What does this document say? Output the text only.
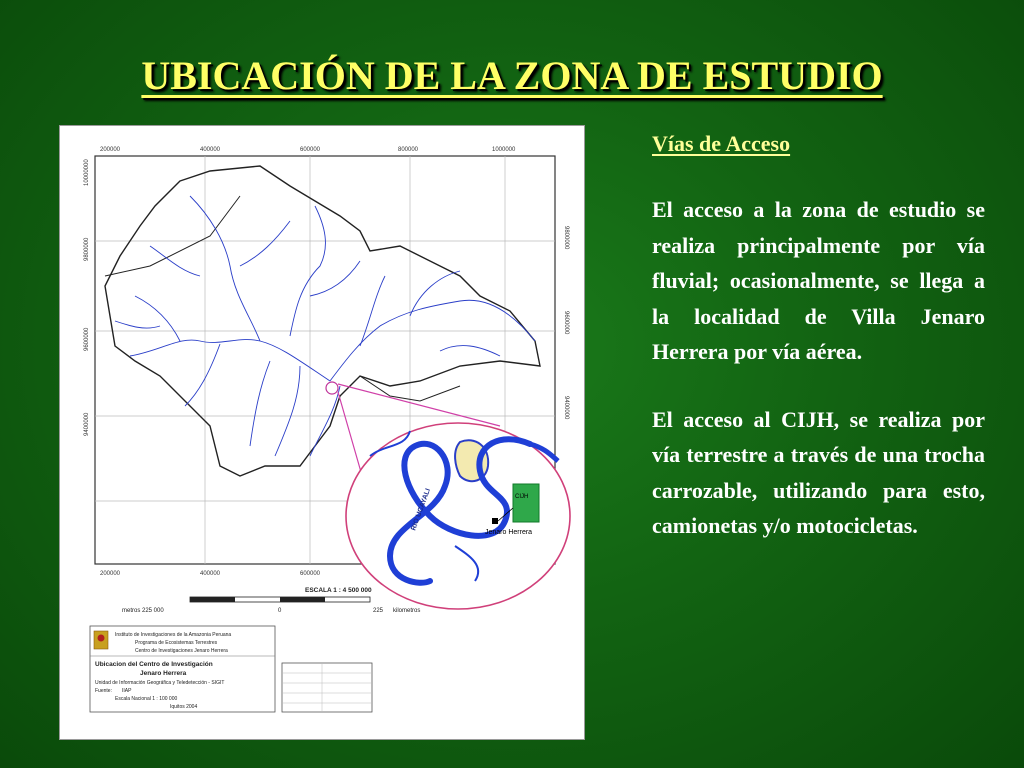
UBICACIÓN DE LA ZONA DE ESTUDIO
200000	400000	600000	800000	1000000
200000	400000	600000
9800000
9600000
9400000
10000000
9800000
9600000
9400000
CIJH
Jenaro Herrera
RIO UCAYALI
ESCALA 1 : 4 500 000
metros 225 000	0	225 kilometros
Instituto de Investigaciones de la Amazonia Peruana
Programa de Ecosistemas Terrestres
Centro de Investigaciones Jenaro Herrera
Ubicacion del Centro de Investigación
Jenaro Herrera
Unidad de Información Geográfica y Teledetección - SIGIT
Fuente: IIAP
Escala Nacional 1 : 100 000
Iquitos 2004
Vías de Acceso
El acceso a la zona de estudio se realiza principalmente por vía fluvial; ocasionalmente, se llega a la localidad de Villa Jenaro Herrera por vía aérea.
El acceso al CIJH, se realiza por vía terrestre a través de una trocha carrozable, utilizando para esto, camionetas y/o motocicletas.
